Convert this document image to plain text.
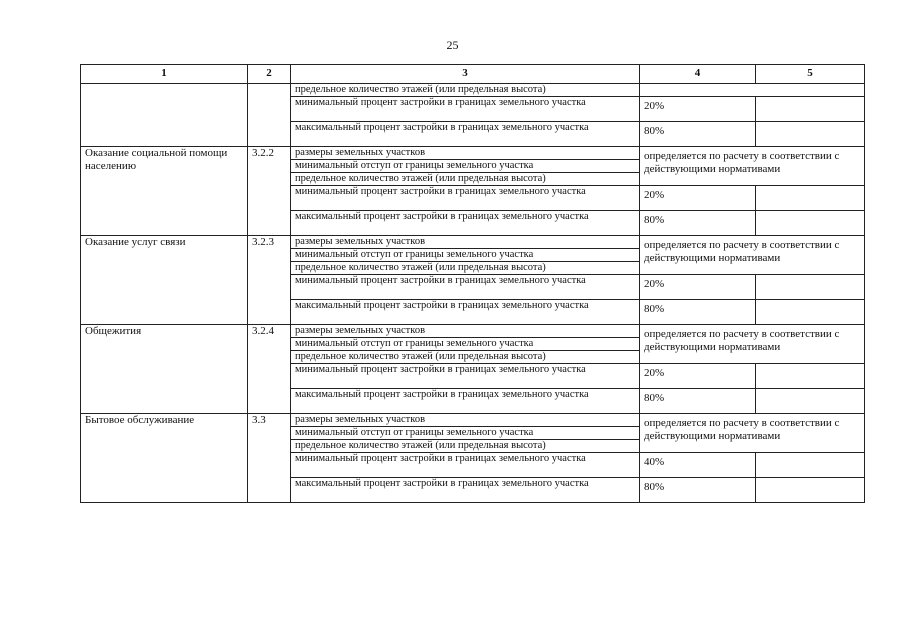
25
1	2	3	4	5
		предельное количество этажей (или предельная высота)		
		минимальный процент застройки в границах земельного участка	20%	
		максимальный процент застройки в границах земельного участка	80%	
Оказание социальной помощи населению	3.2.2	размеры земельных участков	определяется по расчету в соответствии с действующими нормативами	
		минимальный отступ от границы земельного участка		
		предельное количество этажей (или предельная высота)		
		минимальный процент застройки в границах земельного участка	20%	
		максимальный процент застройки в границах земельного участка	80%	
Оказание услуг связи	3.2.3	размеры земельных участков	определяется по расчету в соответствии с действующими нормативами	
		минимальный отступ от границы земельного участка		
		предельное количество этажей (или предельная высота)		
		минимальный процент застройки в границах земельного участка	20%	
		максимальный процент застройки в границах земельного участка	80%	
Общежития	3.2.4	размеры земельных участков	определяется по расчету в соответствии с действующими нормативами	
		минимальный отступ от границы земельного участка		
		предельное количество этажей (или предельная высота)		
		минимальный процент застройки в границах земельного участка	20%	
		максимальный процент застройки в границах земельного участка	80%	
Бытовое обслуживание	3.3	размеры земельных участков	определяется по расчету в соответствии с действующими нормативами	
		минимальный отступ от границы земельного участка		
		предельное количество этажей (или предельная высота)		
		минимальный процент застройки в границах земельного участка	40%	
		максимальный процент застройки в границах земельного участка	80%	
